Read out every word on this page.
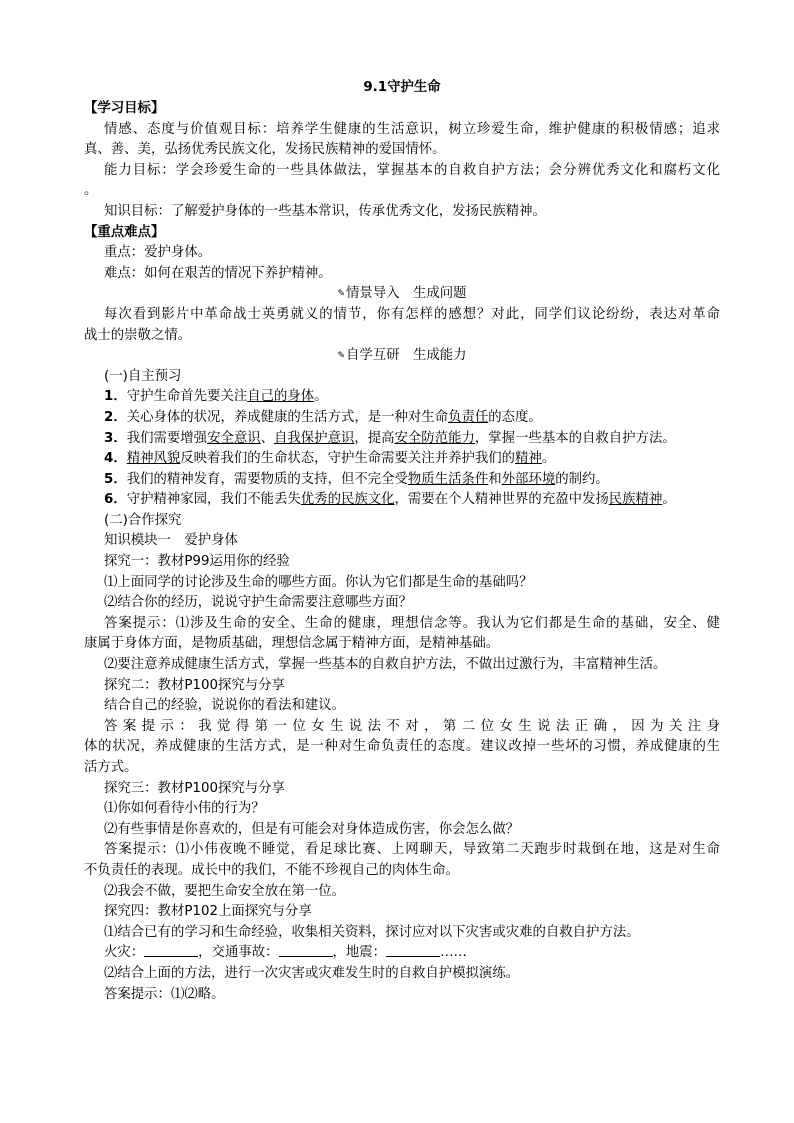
9.1守护生命
【学习目标】
情感、态度与价值观目标：培养学生健康的生活意识，树立珍爱生命，维护健康的积极情感；追求
真、善、美，弘扬优秀民族文化，发扬民族精神的爱国情怀。
能力目标：学会珍爱生命的一些具体做法，掌握基本的自救自护方法；会分辨优秀文化和腐朽文化
。
知识目标：了解爱护身体的一些基本常识，传承优秀文化，发扬民族精神。
【重点难点】
重点：爱护身体。
难点：如何在艰苦的情况下养护精神。
✎情景导入　生成问题
每次看到影片中革命战士英勇就义的情节，你有怎样的感想？对此，同学们议论纷纷，表达对革命
战士的崇敬之情。
✎自学互研　生成能力
(一)自主预习
1．守护生命首先要关注自己的身体。
2．关心身体的状况，养成健康的生活方式，是一种对生命负责任的态度。
3．我们需要增强安全意识、自我保护意识，提高安全防范能力，掌握一些基本的自救自护方法。
4．精神风貌反映着我们的生命状态，守护生命需要关注并养护我们的精神。
5．我们的精神发育，需要物质的支持，但不完全受物质生活条件和外部环境的制约。
6．守护精神家园，我们不能丢失优秀的民族文化，需要在个人精神世界的充盈中发扬民族精神。
(二)合作探究
知识模块一　爱护身体
探究一：教材P99运用你的经验
⑴上面同学的讨论涉及生命的哪些方面。你认为它们都是生命的基础吗？
⑵结合你的经历，说说守护生命需要注意哪些方面？
答案提示：⑴涉及生命的安全、生命的健康，理想信念等。我认为它们都是生命的基础，安全、健
康属于身体方面，是物质基础，理想信念属于精神方面，是精神基础。
⑵要注意养成健康生活方式，掌握一些基本的自救自护方法，不做出过激行为，丰富精神生活。
探究二：教材P100探究与分享
结合自己的经验，说说你的看法和建议。
答案提示：我觉得第一位女生说法不对，第二位女生说法正确，因为关注身
体的状况，养成健康的生活方式，是一种对生命负责任的态度。建议改掉一些坏的习惯，养成健康的生
活方式。
探究三：教材P100探究与分享
⑴你如何看待小伟的行为？
⑵有些事情是你喜欢的，但是有可能会对身体造成伤害，你会怎么做？
答案提示：⑴小伟夜晚不睡觉，看足球比赛、上网聊天，导致第二天跑步时栽倒在地，这是对生命
不负责任的表现。成长中的我们，不能不珍视自己的肉体生命。
⑵我会不做，要把生命安全放在第一位。
探究四：教材P102上面探究与分享
⑴结合已有的学习和生命经验，收集相关资料，探讨应对以下灾害或灾难的自救自护方法。
火灾：	，交通事故：	，地震：	……
⑵结合上面的方法，进行一次灾害或灾难发生时的自救自护模拟演练。
答案提示：⑴⑵略。
